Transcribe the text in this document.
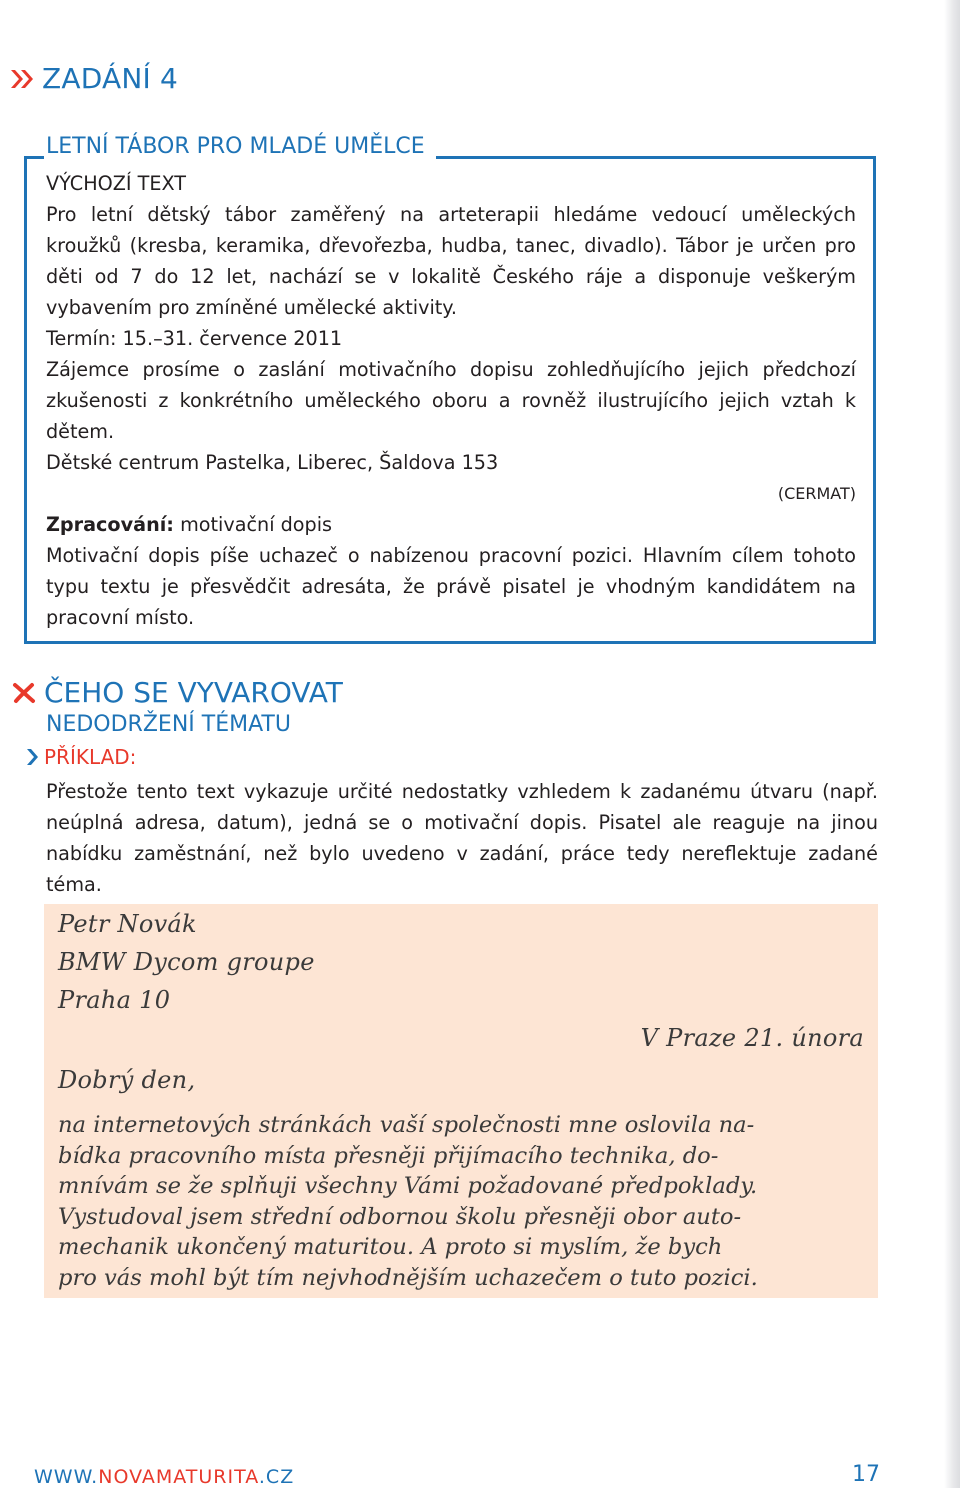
ZADÁNÍ 4
LETNÍ TÁBOR PRO MLADÉ UMĚLCE

VÝCHOZÍ TEXT

Pro letní dětský tábor zaměřený na arteterapii hledáme vedoucí uměleckých kroužků (kresba, keramika, dřevořezba, hudba, tanec, divadlo). Tábor je určen pro děti od 7 do 12 let, nachází se v lokalitě Českého ráje a disponuje veškerým vybavením pro zmíněné umělecké aktivity.

Termín: 15.–31. července 2011

Zájemce prosíme o zaslání motivačního dopisu zohledňujícího jejich předchozí zkušenosti z konkrétního uměleckého oboru a rovněž ilustrujícího jejich vztah k dětem.

Dětské centrum Pastelka, Liberec, Šaldova 153

(CERMAT)

Zpracování: motivační dopis

Motivační dopis píše uchazeč o nabízenou pracovní pozici. Hlavním cílem tohoto typu textu je přesvědčit adresáta, že právě pisatel je vhodným kandidátem na pracovní místo.

ČEHO SE VYVAROVAT
NEDODRŽENÍ TÉMATU
PŘÍKLAD:

Přestože tento text vykazuje určité nedostatky vzhledem k zadanému útvaru (např. neúplná adresa, datum), jedná se o motivační dopis. Pisatel ale reaguje na jinou nabídku zaměstnání, než bylo uvedeno v zadání, práce tedy nereflektuje zadané téma.

Petr Novák
BMW Dycom groupe
Praha 10
V Praze 21. února
Dobrý den,

na internetových stránkách vaší společnosti mne oslovila na-
bídka pracovního místa přesněji přijímacího technika, do-
mnívám se že splňuji všechny Vámi požadované předpoklady.
Vystudoval jsem střední odbornou školu přesněji obor auto-
mechanik ukončený maturitou. A proto si myslím, že bych
pro vás mohl být tím nejvhodnějším uchazečem o tuto pozici.

WWW.NOVAMATURITA.CZ	17
